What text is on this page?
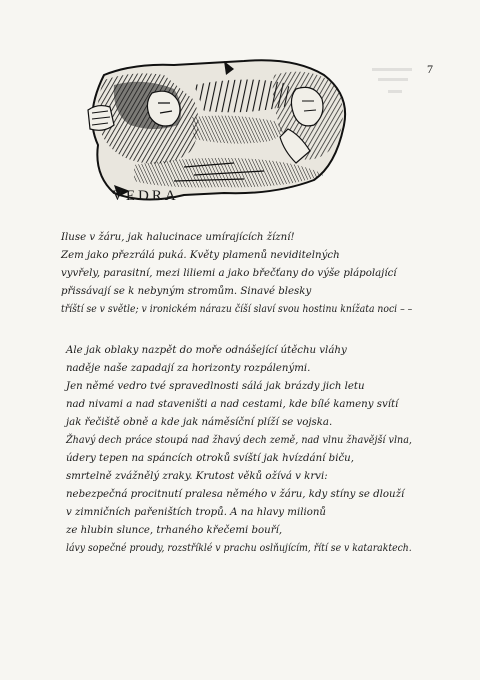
7
VEDRA
Iluse v žáru, jak halucinace umírajících žízní!
Zem jako přezrálá puká. Květy plamenů neviditelných
vyvřely, parasitní, mezi liliemi a jako břečťany do výše plápolající
přissávají se k nebyným stromům. Sinavé blesky
tříští se v světle; v ironickém nárazu číší slaví svou hostinu knížata noci – –
Ale jak oblaky nazpět do moře odnášející útěchu vláhy
naděje naše zapadají za horizonty rozpálenými.
Jen němé vedro tvé spravedlnosti sálá jak brázdy jich letu
nad nivami a nad staveništi a nad cestami, kde bílé kameny svítí
jak řečiště obně a kde jak náměsíční plíží se vojska.
Žhavý dech práce stoupá nad žhavý dech země, nad vlnu žhavější vlna,
údery tepen na spáncích otroků svíští jak hvízdání biču,
smrtelně zvážnělý zraky. Krutost věků ožívá v krvi:
nebezpečná procitnutí pralesa němého v žáru, kdy stíny se dlouží
v zimničních pařeništích tropů. A na hlavy milionů
ze hlubin slunce, trhaného křečemi bouří,
lávy sopečné proudy, rozstříklé v prachu oslňujícím, řítí se v kataraktech.
